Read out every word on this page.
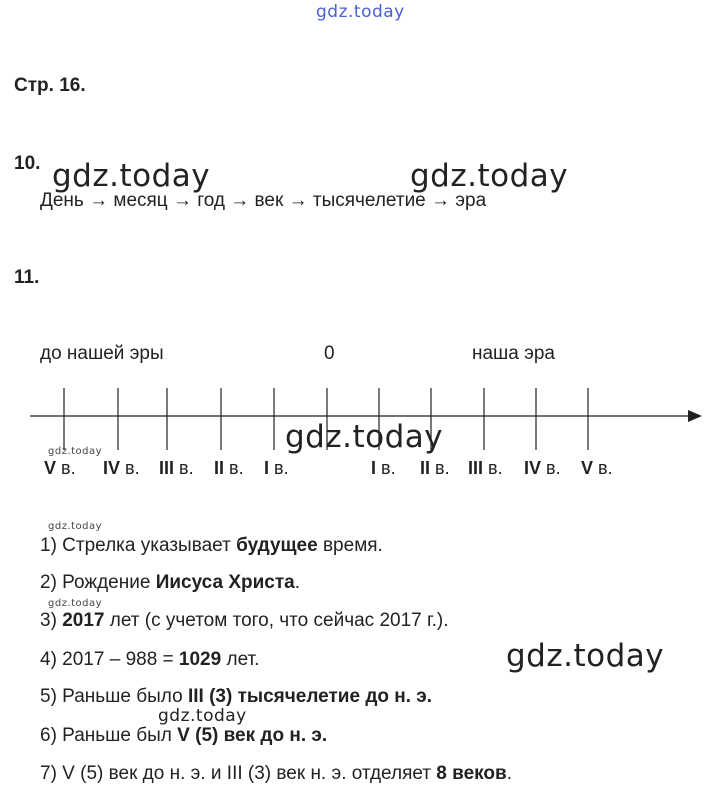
gdz.today
gdz.today	gdz.today
gdz.today
gdz.today
gdz.today
gdz.today
gdz.today
gdz.today
Стр. 16.
10.
День → месяц → год → век → тысячелетие → эра
11.
до нашей эры	0	наша эра
V в. IV в. III в. II в. I в.	I в. II в. III в. IV в. V в.
1) Стрелка указывает будущее время.
2) Рождение Иисуса Христа.
3) 2017 лет (с учетом того, что сейчас 2017 г.).
4) 2017 – 988 = 1029 лет.
5) Раньше было III (3) тысячелетие до н. э.
6) Раньше был V (5) век до н. э.
7) V (5) век до н. э. и III (3) век н. э. отделяет 8 веков.
